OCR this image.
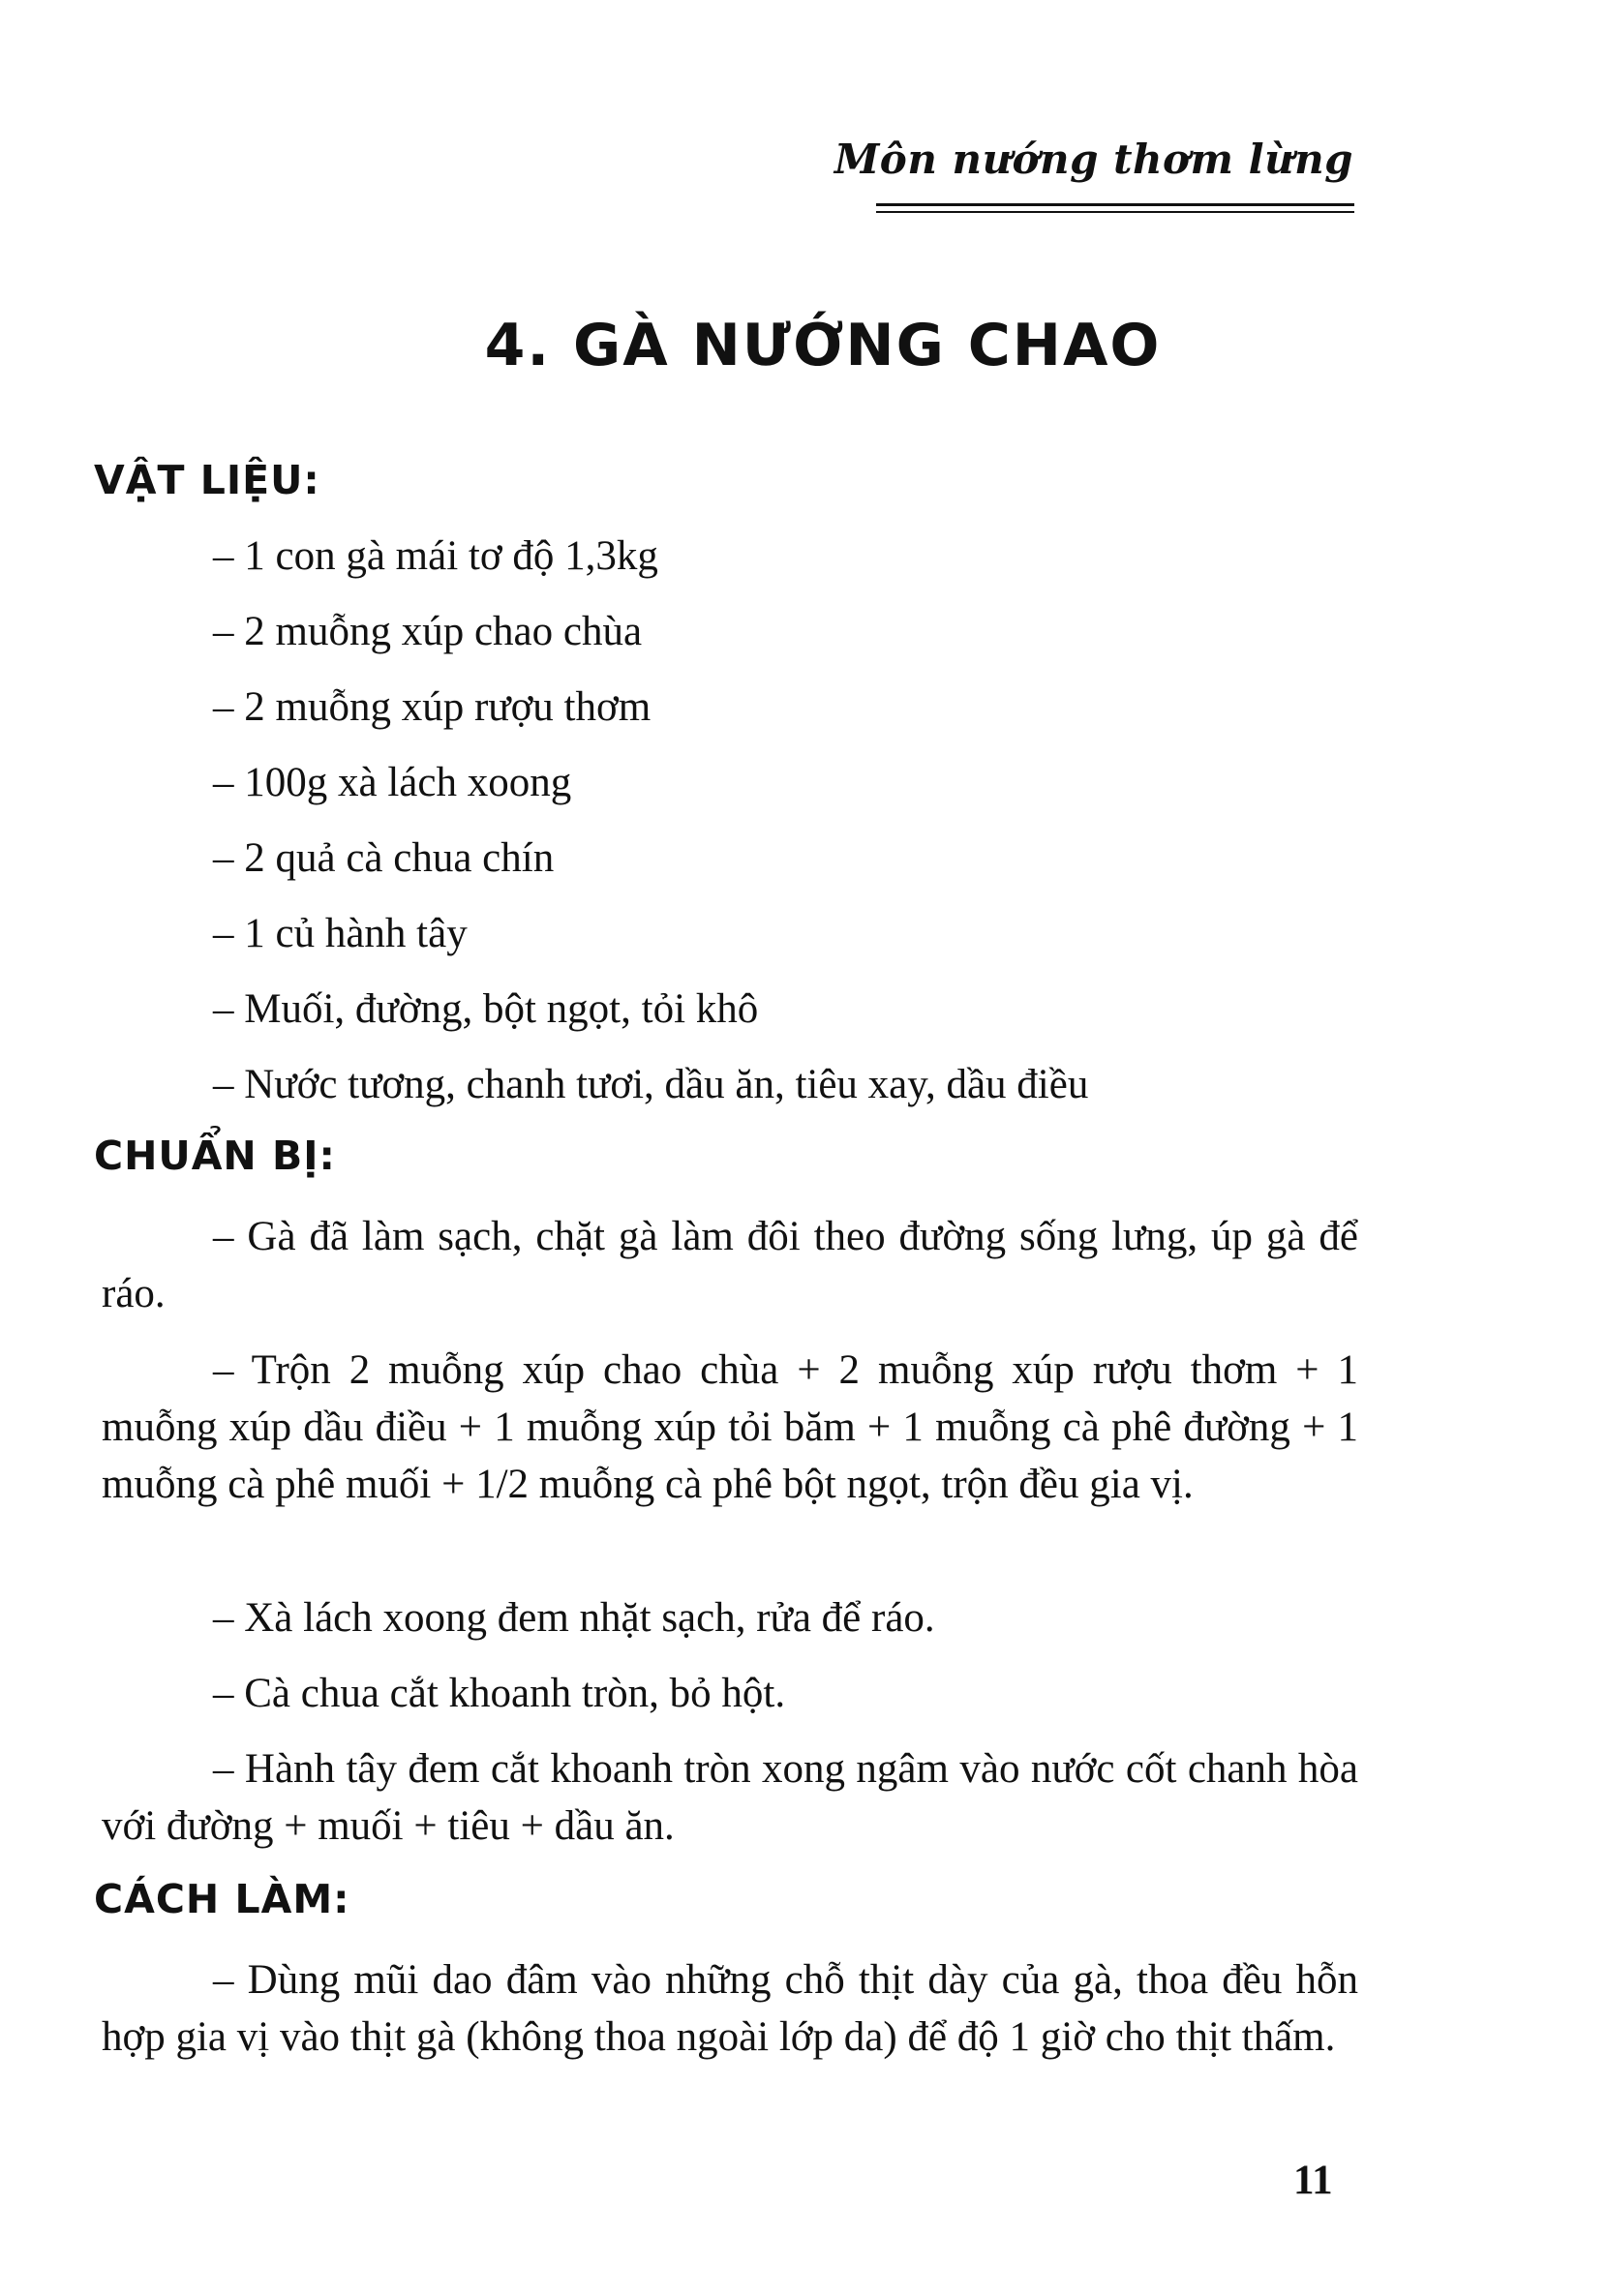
Môn nướng thơm lừng
4. GÀ NƯỚNG CHAO
VẬT LIỆU:
– 1 con gà mái tơ độ 1,3kg
– 2 muỗng xúp chao chùa
– 2 muỗng xúp rượu thơm
– 100g xà lách xoong
– 2 quả cà chua chín
– 1 củ hành tây
– Muối, đường, bột ngọt, tỏi khô
– Nước tương, chanh tươi, dầu ăn, tiêu xay, dầu điều
CHUẨN BỊ:

– Gà đã làm sạch, chặt gà làm đôi theo đường sống lưng, úp gà để ráo.

– Trộn 2 muỗng xúp chao chùa + 2 muỗng xúp rượu thơm + 1 muỗng xúp dầu điều + 1 muỗng xúp tỏi băm + 1 muỗng cà phê đường + 1 muỗng cà phê muối + 1/2 muỗng cà phê bột ngọt, trộn đều gia vị.

– Xà lách xoong đem nhặt sạch, rửa để ráo.

– Cà chua cắt khoanh tròn, bỏ hột.

– Hành tây đem cắt khoanh tròn xong ngâm vào nước cốt chanh hòa với đường + muối + tiêu + dầu ăn.

CÁCH LÀM:

– Dùng mũi dao đâm vào những chỗ thịt dày của gà, thoa đều hỗn hợp gia vị vào thịt gà (không thoa ngoài lớp da) để độ 1 giờ cho thịt thấm.

11
